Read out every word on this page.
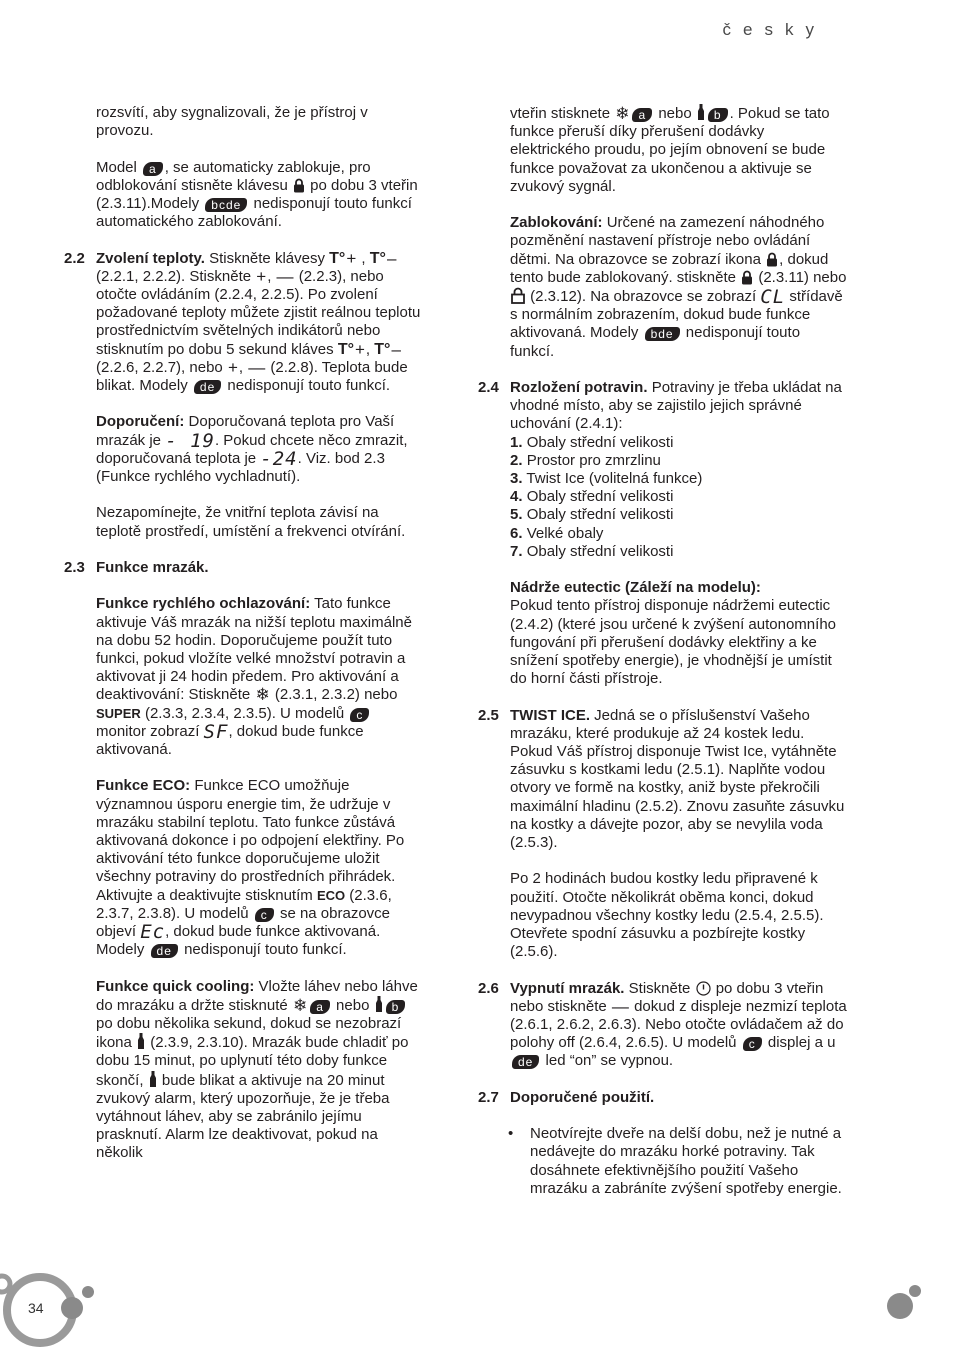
česky

rozsvítí, aby sygnalizovali, že je přístroj v provozu.

Model a , se automaticky zablokuje, pro odblokování stisněte klávesu po dobu 3 vteřin (2.3.11).Modely bcde nedisponují touto funkcí automatického zablokování.

2.2 Zvolení teploty. Stiskněte klávesy T°+ , T°– (2.2.1, 2.2.2). Stiskněte +, — (2.2.3), nebo otočte ovládáním (2.2.4, 2.2.5). Po zvolení požadované teploty můžete zjistit reálnou teplotu prostřednictvím světelných indikátorů nebo stisknutím po dobu 5 sekund kláves T°+, T°– (2.2.6, 2.2.7), nebo +, — (2.2.8). Teplota bude blikat. Modely de nedisponují touto funkcí.

Doporučení: Doporučovaná teplota pro Vaší mrazák je - 19. Pokud chcete něco zmrazit, doporučovaná teplota je -24. Viz. bod 2.3 (Funkce rychlého vychladnutí).

Nezapomínejte, že vnitřní teplota závisí na teplotě prostředí, umístění a frekvenci otvírání.

2.3 Funkce mrazák.

Funkce rychlého ochlazování: Tato funkce aktivuje Váš mrazák na nižší teplotu maximálně na dobu 52 hodin. Doporučujeme použít tuto funkci, pokud vložíte velké množství potravin a aktivovat ji 24 hodin předem. Pro aktivování a deaktivování: Stiskněte ❄ (2.3.1, 2.3.2) nebo SUPER (2.3.3, 2.3.4, 2.3.5). U modelů c monitor zobrazí SF, dokud bude funkce aktivovaná.

Funkce ECO: Funkce ECO umožňuje významnou úsporu energie tim, že udržuje v mrazáku stabilní teplotu. Tato funkce zůstává aktivovaná dokonce i po odpojení elektřiny. Po aktivování této funkce doporučujeme uložit všechny potraviny do prostředních přihrádek. Aktivujte a deaktivujte stisknutím ECO (2.3.6, 2.3.7, 2.3.8). U modelů c se na obrazovce objeví Ec, dokud bude funkce aktivovaná. Modely de nedisponují touto funkcí.

Funkce quick cooling: Vložte láhev nebo láhve do mrazáku a držte stisknuté ❄ a nebo b po dobu několika sekund, dokud se nezobrazí ikona (2.3.9, 2.3.10). Mrazák bude chladiť po dobu 15 minut, po uplynutí této doby funkce skončí, bude blikat a aktivuje na 20 minut zvukový alarm, který upozorňuje, že je třeba vytáhnout láhev, aby se zabránilo jejímu prasknutí. Alarm lze deaktivovat, pokud na několik

vteřin stisknete ❄ a nebo b . Pokud se tato funkce přeruší díky přerušení dodávky elektrického proudu, po jejím obnovení se bude funkce považovat za ukončenou a aktivuje se zvukový sygnál.

Zablokování: Určené na zamezení náhodného pozměnění nastavení přístroje nebo ovládání dětmi. Na obrazovce se zobrazí ikona , dokud tento bude zablokovaný. stiskněte (2.3.11) nebo  (2.3.12). Na obrazovce se zobrazí CL střídavě s normálním zobrazením, dokud bude funkce aktivovaná. Modely bde nedisponují touto funkcí.

2.4 Rozložení potravin. Potraviny je třeba ukládat na vhodné místo, aby se zajistilo jejich správné uchování (2.4.1):
1. Obaly střední velikosti
2. Prostor pro zmrzlinu
3. Twist Ice (volitelná funkce)
4. Obaly střední velikosti
5. Obaly střední velikosti
6. Velké obaly
7. Obaly střední velikosti

Nádrže eutectic (Záleží na modelu):
Pokud tento přístroj disponuje nádržemi eutectic (2.4.2) (které jsou určené k zvýšení autonomního fungování při přerušení dodávky elektřiny a ke snížení spotřeby energie), je vhodnější je umístit do horní části přístroje.

2.5 TWIST ICE. Jedná se o příslušenství Vašeho mrazáku, které produkuje až 24 kostek ledu. Pokud Váš přístroj disponuje Twist Ice, vytáhněte zásuvku s kostkami ledu (2.5.1). Naplňte vodou otvory ve formě na kostky, aniž byste překročili maximální hladinu (2.5.2). Znovu zasuňte zásuvku na kostky a dávejte pozor, aby se nevylila voda (2.5.3).

Po 2 hodinách budou kostky ledu připravené k použití. Otočte několikrát oběma konci, dokud nevypadnou všechny kostky ledu (2.5.4, 2.5.5). Otevřete spodní zásuvku a pozbírejte kostky (2.5.6).

2.6 Vypnutí mrazák. Stiskněte po dobu 3 vteřin nebo stiskněte — dokud z displeje nezmizí teplota (2.6.1, 2.6.2, 2.6.3). Nebo otočte ovládačem až do polohy off (2.6.4, 2.6.5). U modelů c displej a u de led “on” se vypnou.
2.7 Doporučené použití.
• Neotvírejte dveře na delší dobu, než je nutné a nedávejte do mrazáku horké potraviny. Tak dosáhnete efektivnějšího použití Vašeho mrazáku a zabráníte zvýšení spotřeby energie.
34
